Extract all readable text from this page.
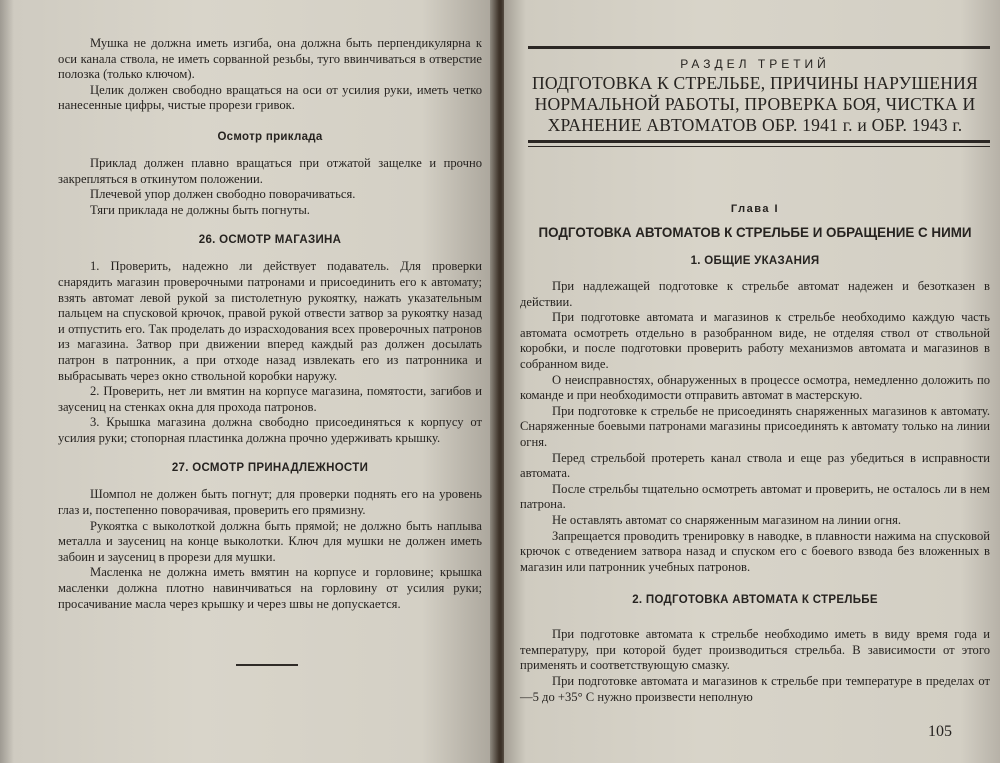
Мушка не должна иметь изгиба, она должна быть перпендикулярна к оси канала ствола, не иметь сорванной резьбы, туго ввинчиваться в отверстие полозка (только ключом).

Целик должен свободно вращаться на оси от усилия руки, иметь четко нанесенные цифры, чистые прорези гривок.

Осмотр приклада

Приклад должен плавно вращаться при отжатой защелке и прочно закрепляться в откинутом положении.

Плечевой упор должен свободно поворачиваться.

Тяги приклада не должны быть погнуты.

26. ОСМОТР МАГАЗИНА

1. Проверить, надежно ли действует подаватель. Для проверки снарядить магазин проверочными патронами и присоединить его к автомату; взять автомат левой рукой за пистолетную рукоятку, нажать указательным пальцем на спусковой крючок, правой рукой отвести затвор за рукоятку назад и отпустить его. Так проделать до израсходования всех проверочных патронов из магазина. Затвор при движении вперед каждый раз должен досылать патрон в патронник, а при отходе назад извлекать его из патронника и выбрасывать через окно ствольной коробки наружу.

2. Проверить, нет ли вмятин на корпусе магазина, помятости, загибов и заусениц на стенках окна для прохода патронов.

3. Крышка магазина должна свободно присоединяться к корпусу от усилия руки; стопорная пластинка должна прочно удерживать крышку.

27. ОСМОТР ПРИНАДЛЕЖНОСТИ

Шомпол не должен быть погнут; для проверки поднять его на уровень глаз и, постепенно поворачивая, проверить его прямизну.

Рукоятка с выколоткой должна быть прямой; не должно быть наплыва металла и заусениц на конце выколотки. Ключ для мушки не должен иметь забоин и заусениц в прорези для мушки.

Масленка не должна иметь вмятин на корпусе и горловине; крышка масленки должна плотно навинчиваться на горловину от усилия руки; просачивание масла через крышку и через швы не допускается.

РАЗДЕЛ ТРЕТИЙ
ПОДГОТОВКА К СТРЕЛЬБЕ, ПРИЧИНЫ НАРУШЕНИЯ НОРМАЛЬНОЙ РАБОТЫ, ПРОВЕРКА БОЯ, ЧИСТКА И ХРАНЕНИЕ АВТОМАТОВ ОБР. 1941 г. и ОБР. 1943 г.
Глава I
ПОДГОТОВКА АВТОМАТОВ К СТРЕЛЬБЕ И ОБРАЩЕНИЕ С НИМИ
1. ОБЩИЕ УКАЗАНИЯ

При надлежащей подготовке к стрельбе автомат надежен и безотказен в действии.

При подготовке автомата и магазинов к стрельбе необходимо каждую часть автомата осмотреть отдельно в разобранном виде, не отделяя ствол от ствольной коробки, и после подготовки проверить работу механизмов автомата и магазинов в собранном виде.

О неисправностях, обнаруженных в процессе осмотра, немедленно доложить по команде и при необходимости отправить автомат в мастерскую.

При подготовке к стрельбе не присоединять снаряженных магазинов к автомату. Снаряженные боевыми патронами магазины присоединять к автомату только на линии огня.

Перед стрельбой протереть канал ствола и еще раз убедиться в исправности автомата.

После стрельбы тщательно осмотреть автомат и проверить, не осталось ли в нем патрона.

Не оставлять автомат со снаряженным магазином на линии огня.

Запрещается проводить тренировку в наводке, в плавности нажима на спусковой крючок с отведением затвора назад и спуском его с боевого взвода без вложенных в магазин или патронник учебных патронов.

2. ПОДГОТОВКА АВТОМАТА К СТРЕЛЬБЕ

При подготовке автомата к стрельбе необходимо иметь в виду время года и температуру, при которой будет производиться стрельба. В зависимости от этого применять и соответствующую смазку.

При подготовке автомата и магазинов к стрельбе при температуре в пределах от —5 до +35° С нужно произвести неполную

105
